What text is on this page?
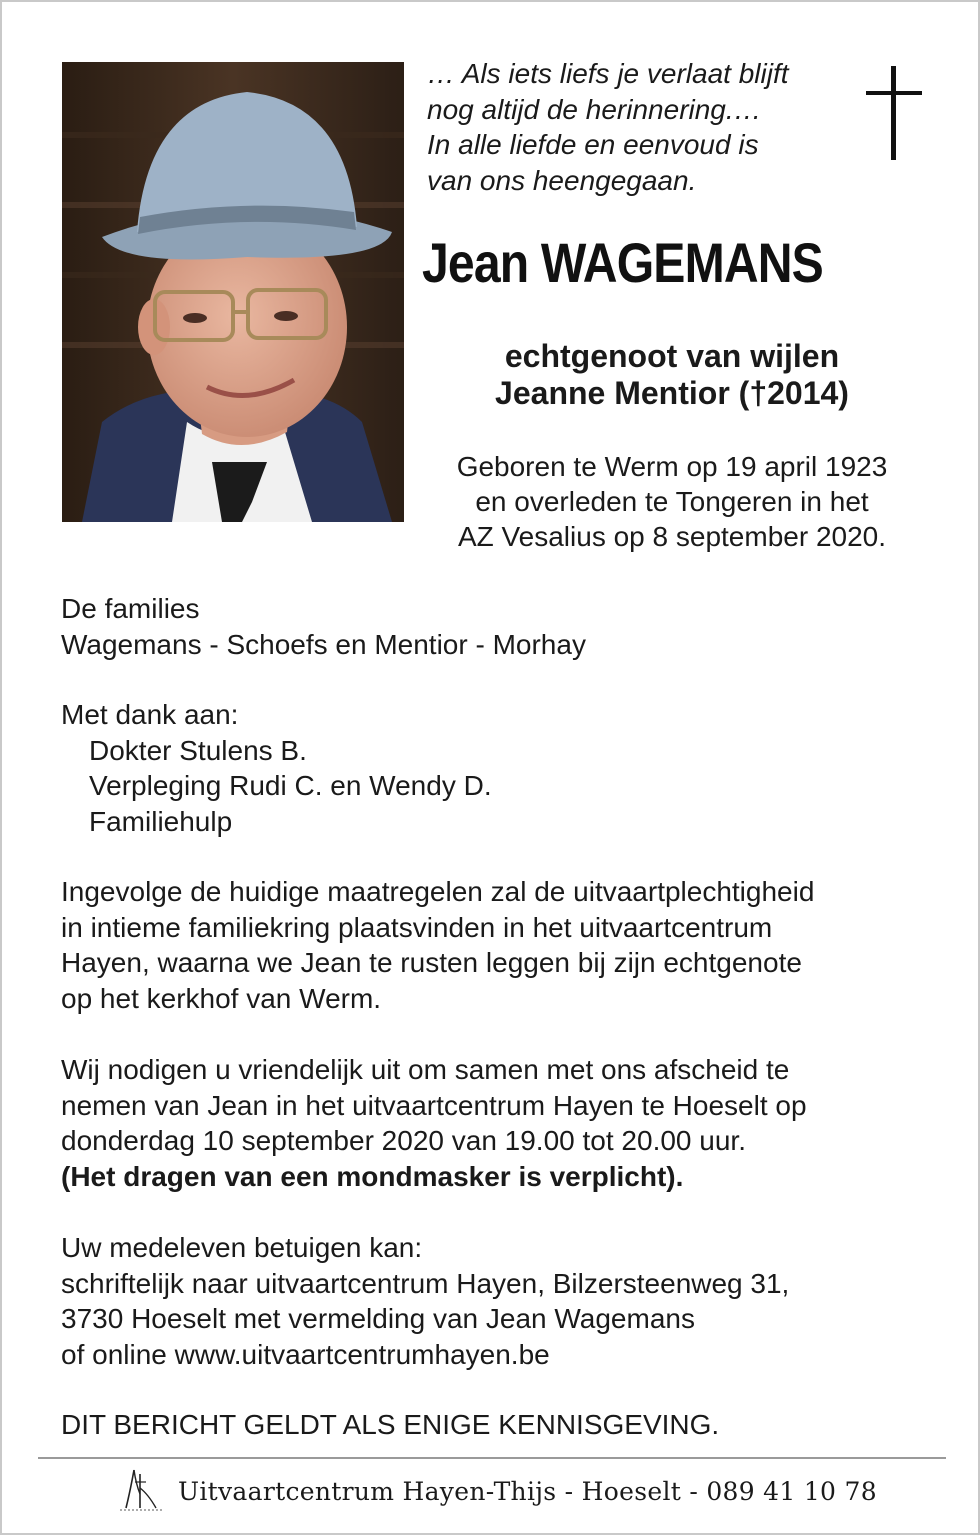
… Als iets liefs je verlaat blijft
nog altijd de herinnering.…
In alle liefde en eenvoud is
van ons heengegaan.
Jean WAGEMANS
echtgenoot van wijlen
Jeanne Mentior (†2014)
Geboren te Werm op 19 april 1923
en overleden te Tongeren in het
AZ Vesalius op 8 september 2020.
De families
Wagemans - Schoefs en Mentior - Morhay
Met dank aan:
Dokter Stulens B.
Verpleging Rudi C. en Wendy D.
Familiehulp
Ingevolge de huidige maatregelen zal de uitvaartplechtigheid
in intieme familiekring plaatsvinden in het uitvaartcentrum
Hayen, waarna we Jean te rusten leggen bij zijn echtgenote
op het kerkhof van Werm.
Wij nodigen u vriendelijk uit om samen met ons afscheid te
nemen van Jean in het uitvaartcentrum Hayen te Hoeselt op
donderdag 10 september 2020 van 19.00 tot 20.00 uur.
(Het dragen van een mondmasker is verplicht).
Uw medeleven betuigen kan:
schriftelijk naar uitvaartcentrum Hayen, Bilzersteenweg 31,
3730 Hoeselt met vermelding van Jean Wagemans
of online www.uitvaartcentrumhayen.be
DIT BERICHT GELDT ALS ENIGE KENNISGEVING.
Uitvaartcentrum Hayen-Thijs - Hoeselt - 089 41 10 78
